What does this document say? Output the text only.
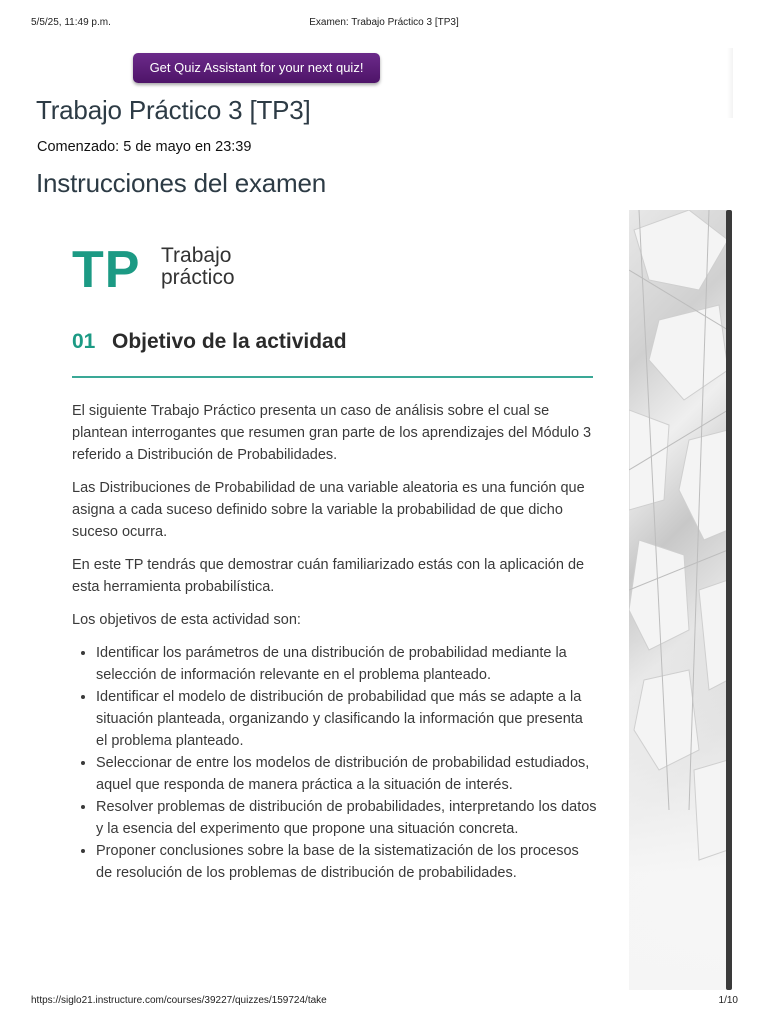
5/5/25, 11:49 p.m.	Examen: Trabajo Práctico 3 [TP3]
Get Quiz Assistant for your next quiz!
Trabajo Práctico 3 [TP3]
Comenzado: 5 de mayo en 23:39
Instrucciones del examen
TP Trabajo
práctico
01 Objetivo de la actividad

El siguiente Trabajo Práctico presenta un caso de análisis sobre el cual se plantean interrogantes que resumen gran parte de los aprendizajes del Módulo 3 referido a Distribución de Probabilidades.

Las Distribuciones de Probabilidad de una variable aleatoria es una función que asigna a cada suceso definido sobre la variable la probabilidad de que dicho suceso ocurra.

En este TP tendrás que demostrar cuán familiarizado estás con la aplicación de esta herramienta probabilística.

Los objetivos de esta actividad son:

• Identificar los parámetros de una distribución de probabilidad mediante la selección de información relevante en el problema planteado.
• Identificar el modelo de distribución de probabilidad que más se adapte a la situación planteada, organizando y clasificando la información que presenta el problema planteado.
• Seleccionar de entre los modelos de distribución de probabilidad estudiados, aquel que responda de manera práctica a la situación de interés.
• Resolver problemas de distribución de probabilidades, interpretando los datos y la esencia del experimento que propone una situación concreta.
• Proponer conclusiones sobre la base de la sistematización de los procesos de resolución de los problemas de distribución de probabilidades.
https://siglo21.instructure.com/courses/39227/quizzes/159724/take	1/10
